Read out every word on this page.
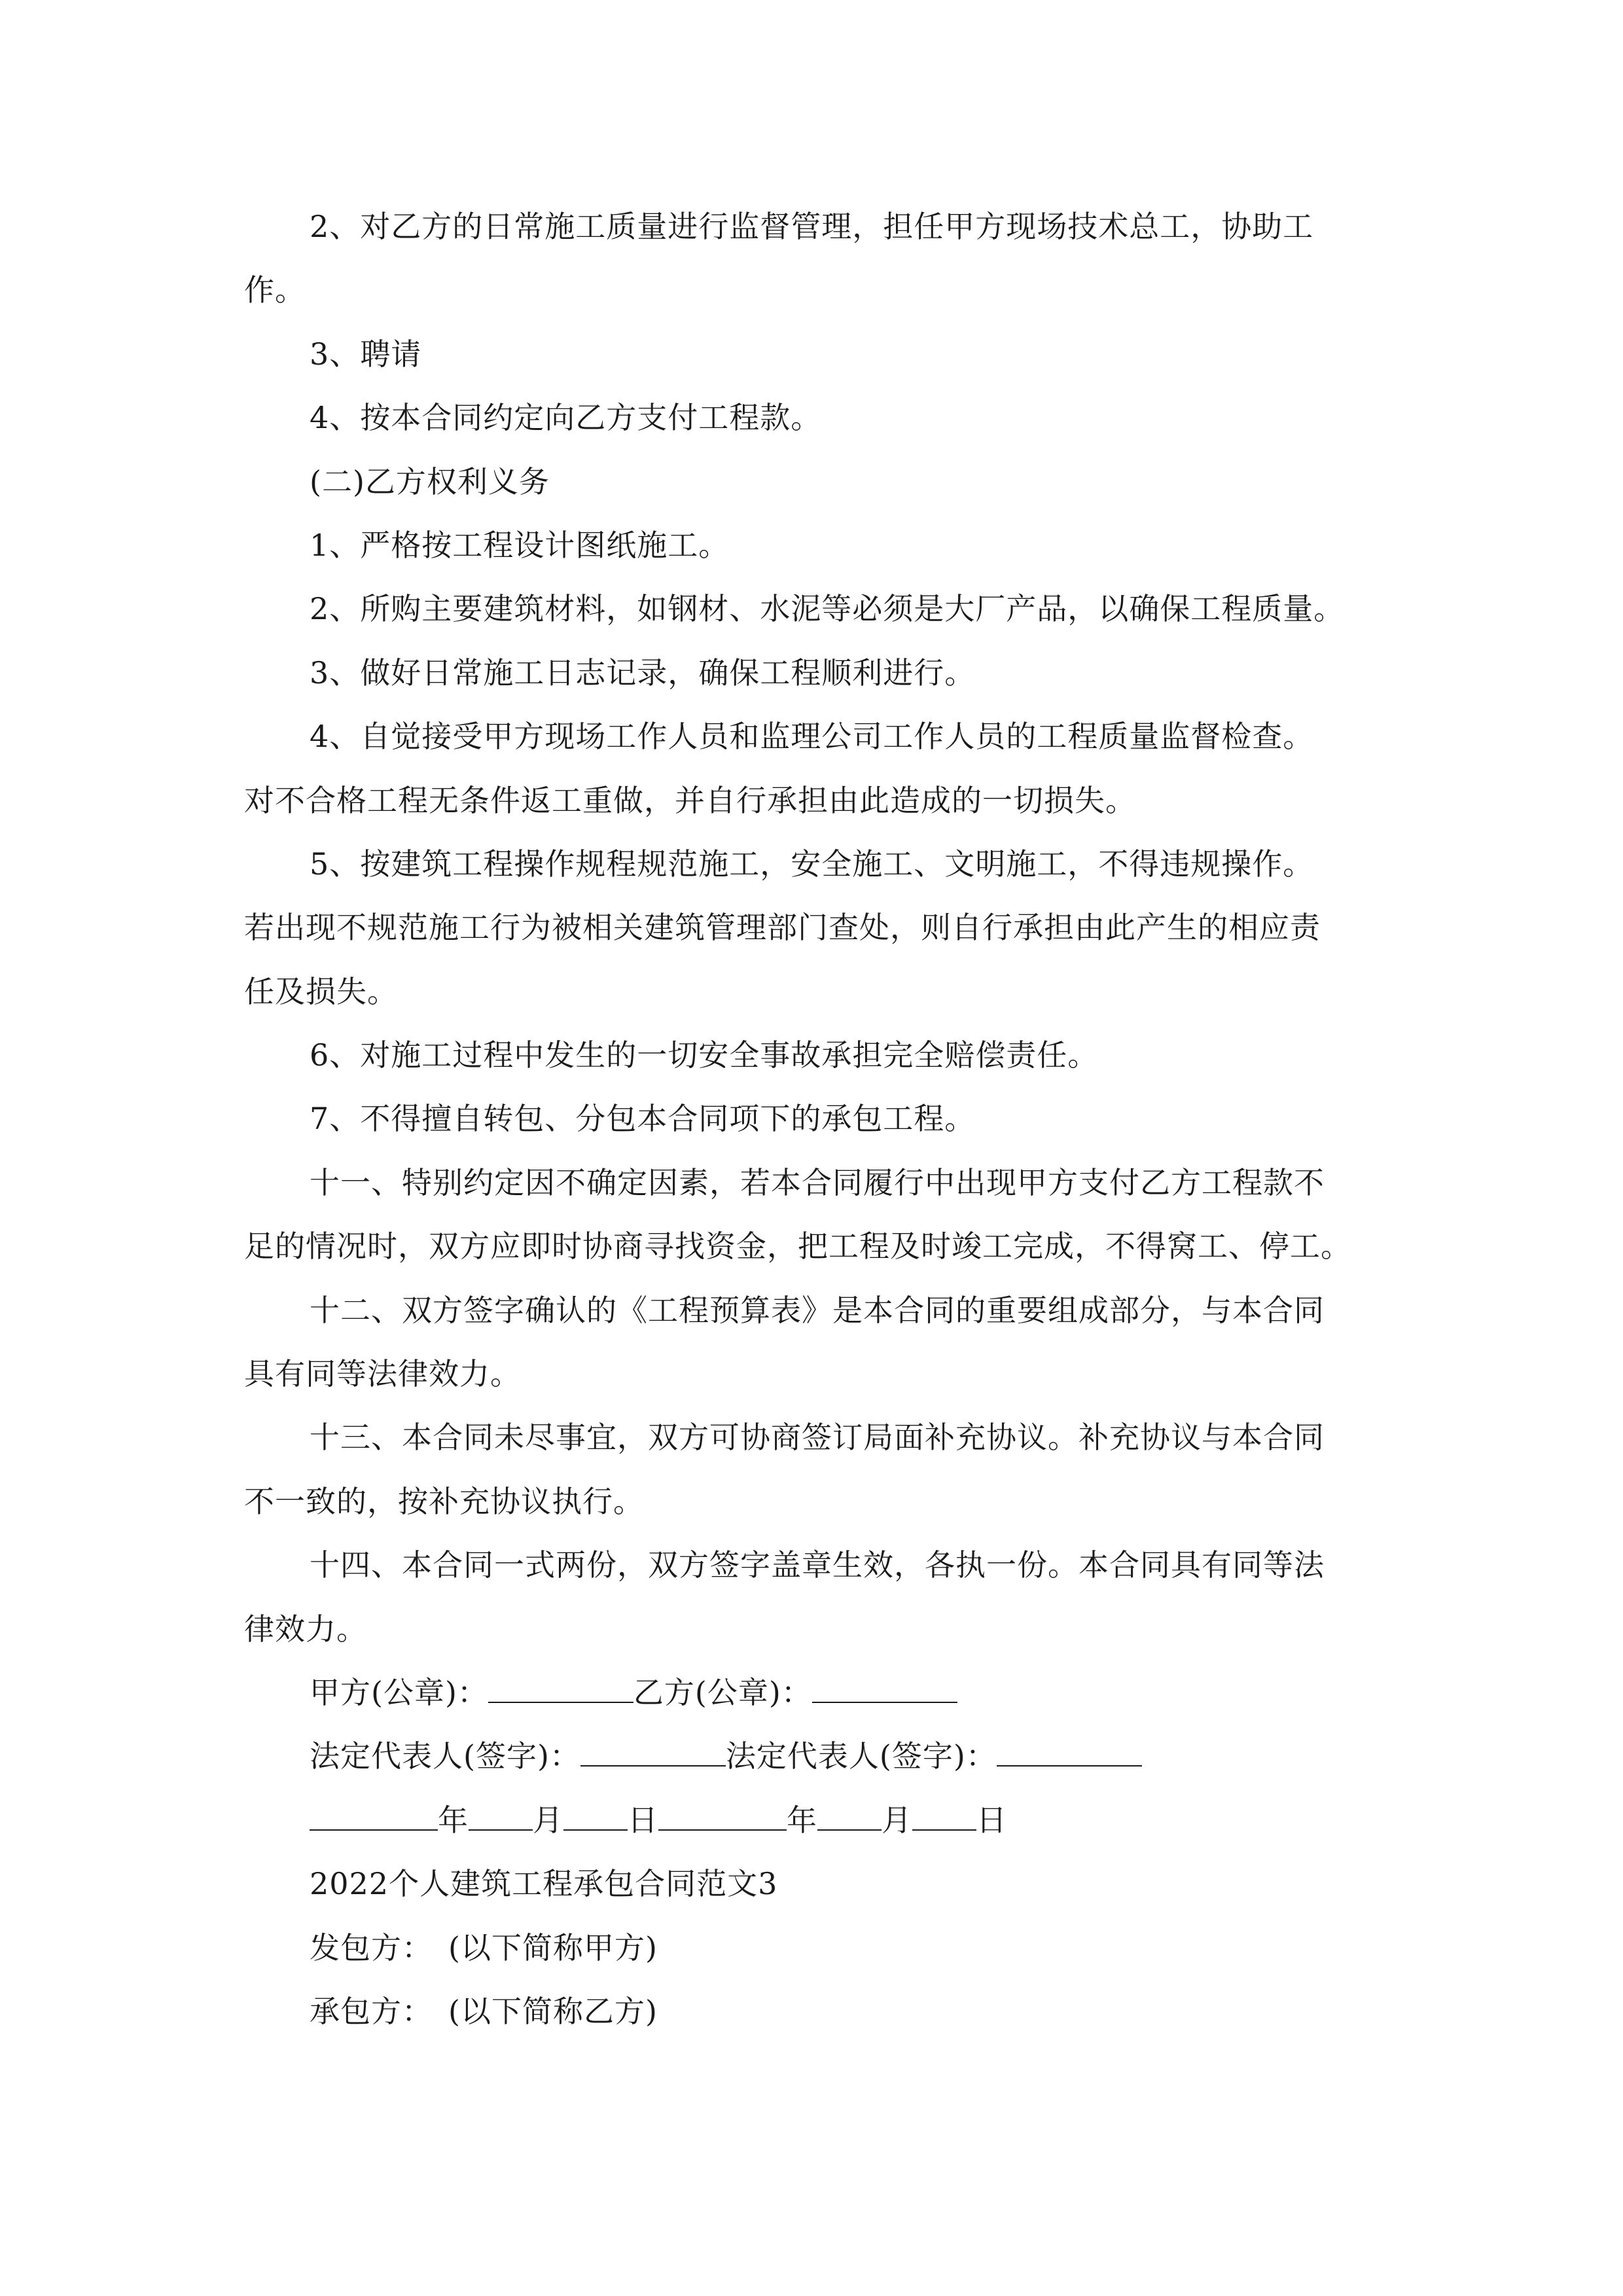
2、对乙方的日常施工质量进行监督管理，担任甲方现场技术总工，协助工
作。
3、聘请
4、按本合同约定向乙方支付工程款。
(二)乙方权利义务
1、严格按工程设计图纸施工。
2、所购主要建筑材料，如钢材、水泥等必须是大厂产品，以确保工程质量。
3、做好日常施工日志记录，确保工程顺利进行。
4、自觉接受甲方现场工作人员和监理公司工作人员的工程质量监督检查。
对不合格工程无条件返工重做，并自行承担由此造成的一切损失。
5、按建筑工程操作规程规范施工，安全施工、文明施工，不得违规操作。
若出现不规范施工行为被相关建筑管理部门查处，则自行承担由此产生的相应责
任及损失。
6、对施工过程中发生的一切安全事故承担完全赔偿责任。
7、不得擅自转包、分包本合同项下的承包工程。
十一、特别约定因不确定因素，若本合同履行中出现甲方支付乙方工程款不
足的情况时，双方应即时协商寻找资金，把工程及时竣工完成，不得窝工、停工。
十二、双方签字确认的《工程预算表》是本合同的重要组成部分，与本合同
具有同等法律效力。
十三、本合同未尽事宜，双方可协商签订局面补充协议。补充协议与本合同
不一致的，按补充协议执行。
十四、本合同一式两份，双方签字盖章生效，各执一份。本合同具有同等法
律效力。
甲方(公章)：	乙方(公章)：
法定代表人(签字)：	法定代表人(签字)：
年 月 日	年 月 日
2022个人建筑工程承包合同范文3
发包方：　(以下简称甲方)
承包方：　(以下简称乙方)
